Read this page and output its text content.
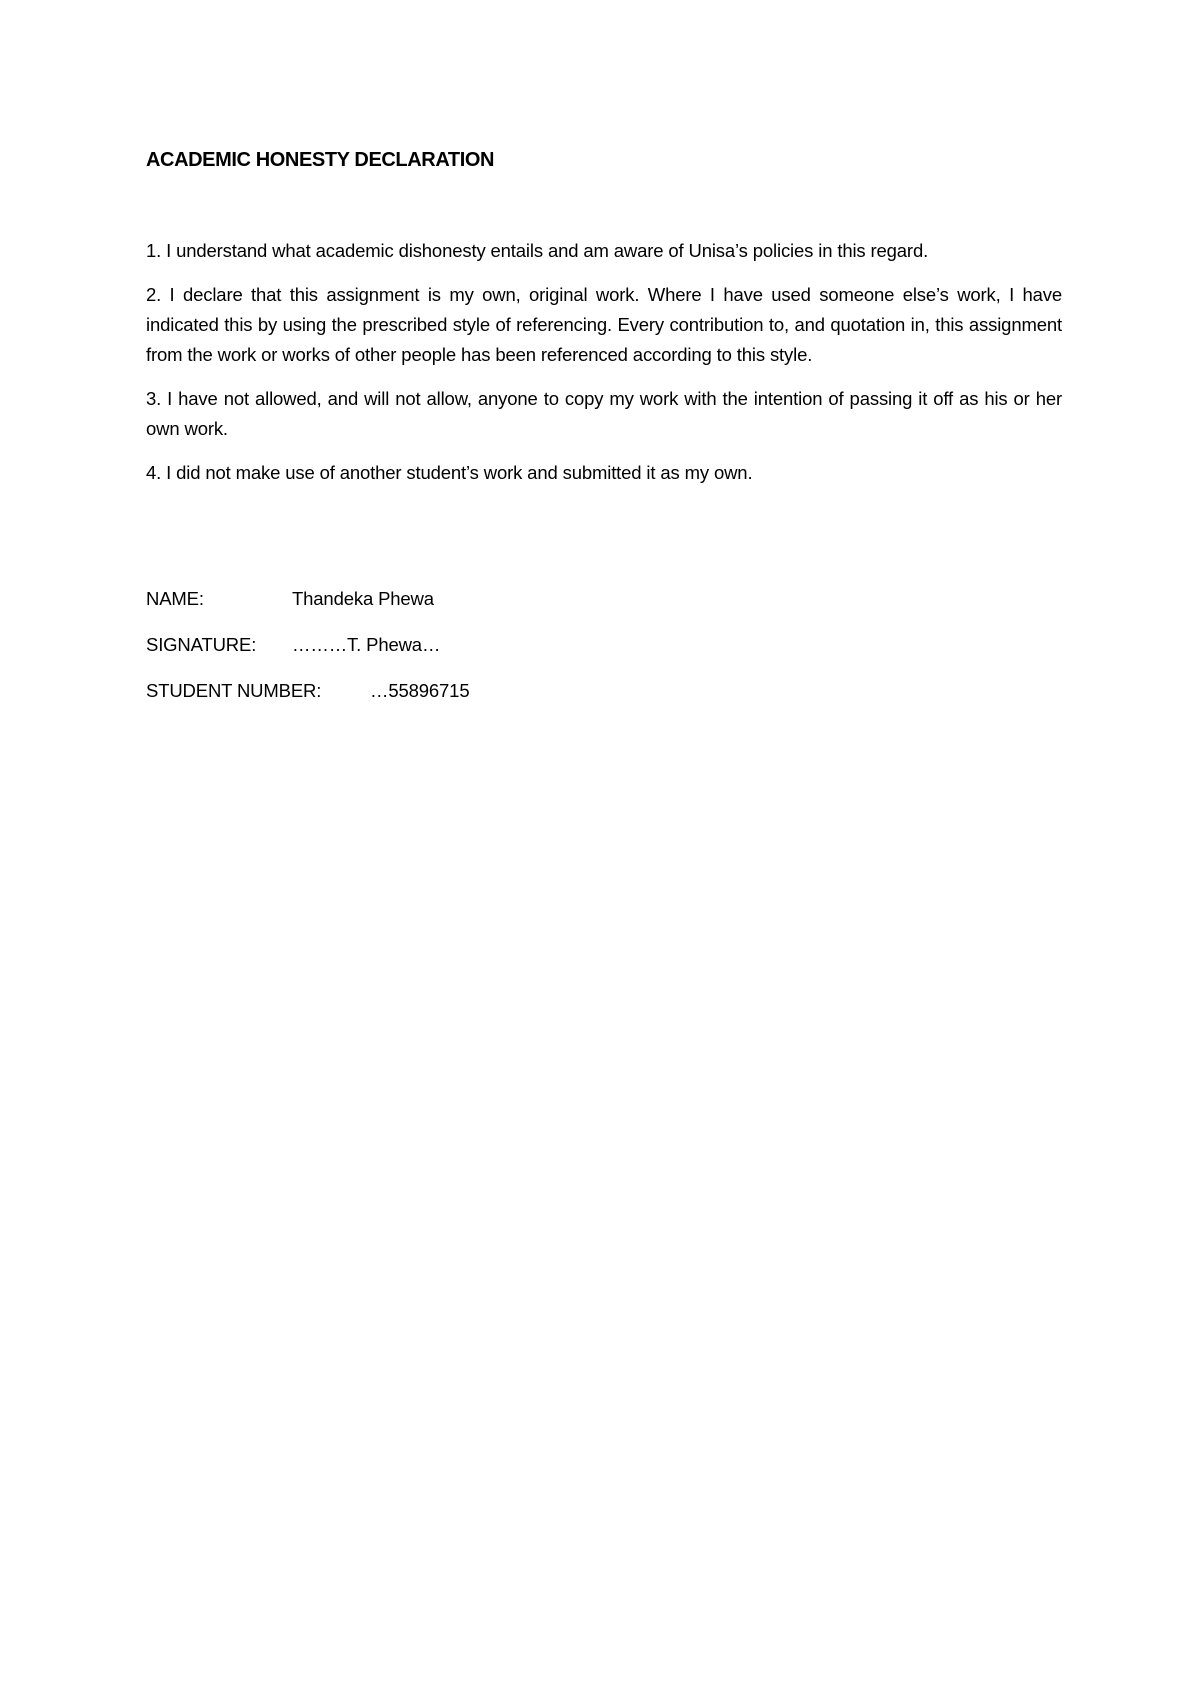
ACADEMIC HONESTY DECLARATION
1. I understand what academic dishonesty entails and am aware of Unisa’s policies in this regard.
2. I declare that this assignment is my own, original work. Where I have used someone else’s work, I have indicated this by using the prescribed style of referencing. Every contribution to, and quotation in, this assignment from the work or works of other people has been referenced according to this style.
3. I have not allowed, and will not allow, anyone to copy my work with the intention of passing it off as his or her own work.
4. I did not make use of another student’s work and submitted it as my own.
NAME:	Thandeka Phewa
SIGNATURE: ………T. Phewa…
STUDENT NUMBER:	…55896715
